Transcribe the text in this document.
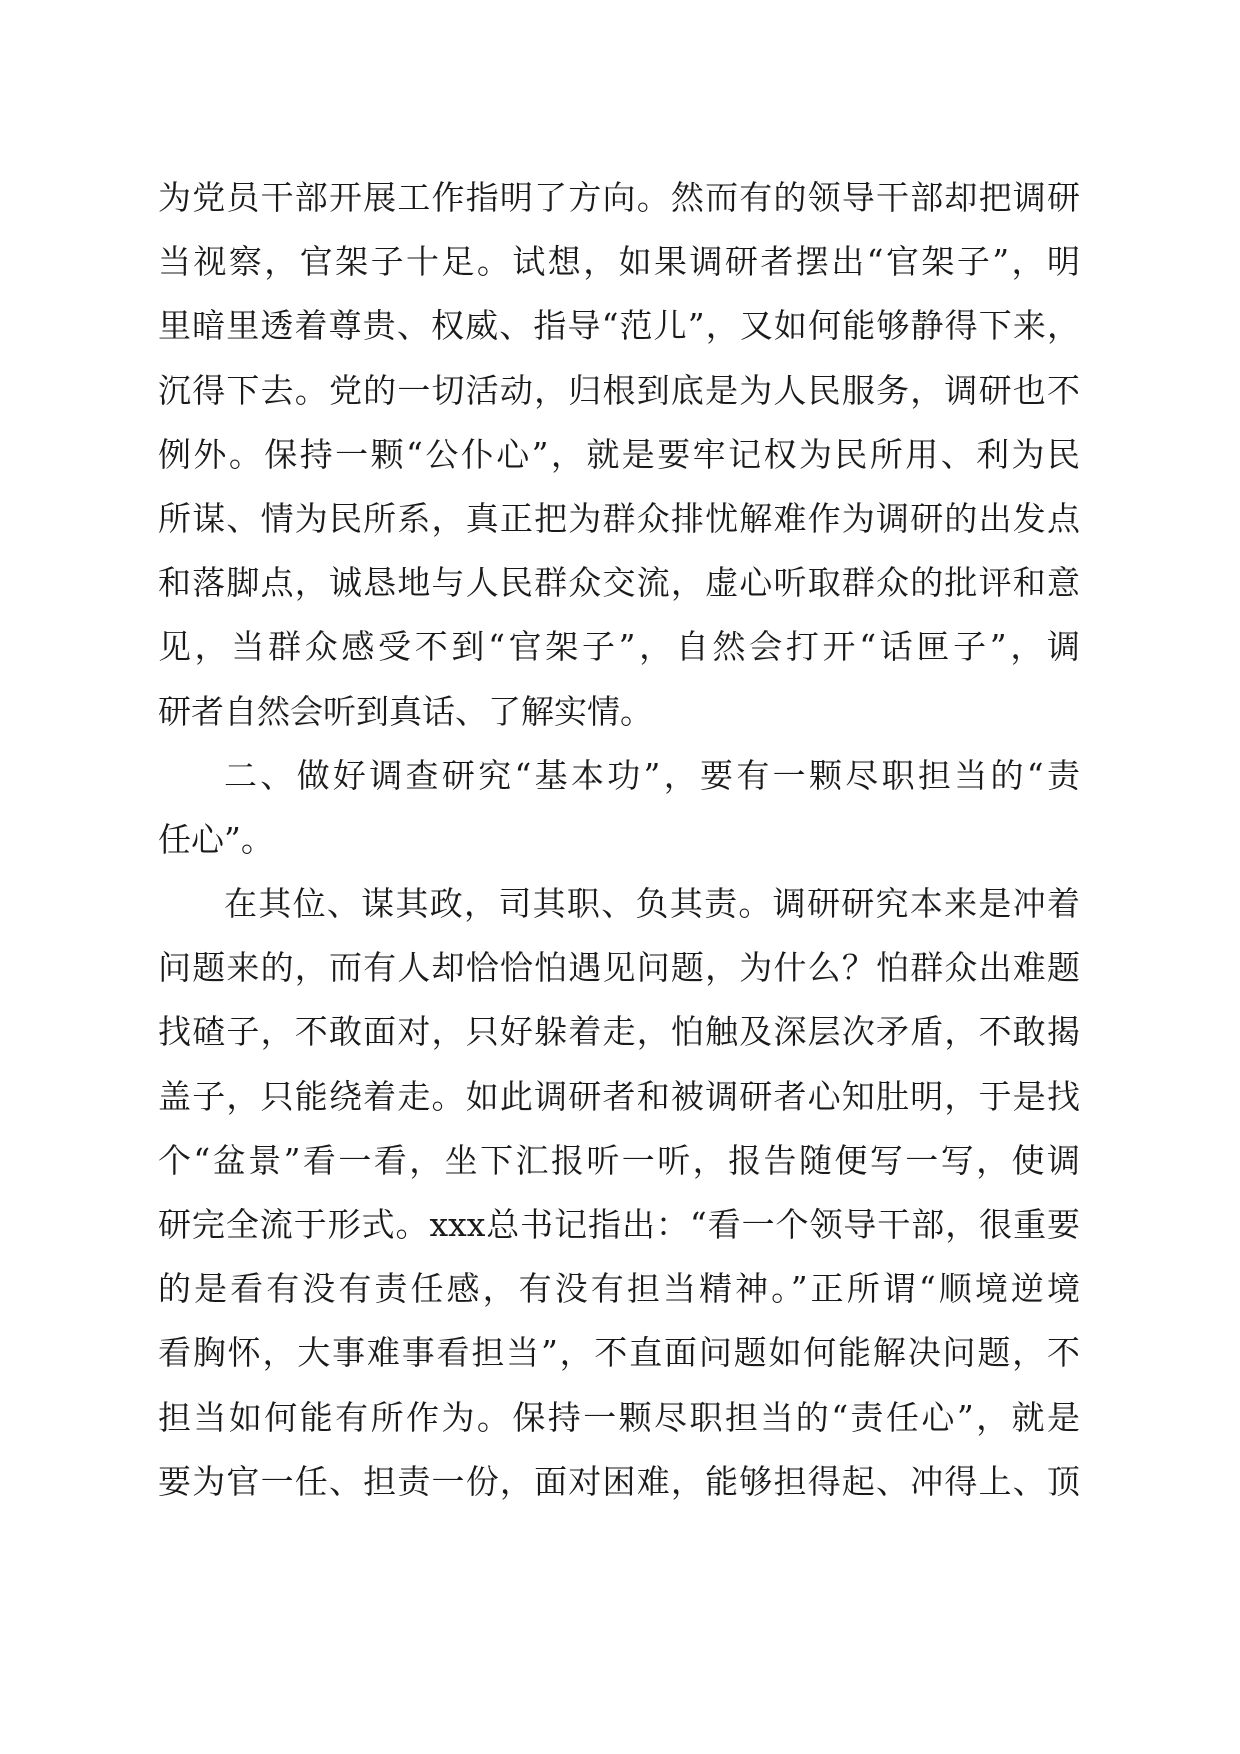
为党员干部开展工作指明了方向。然而有的领导干部却把调研
当视察，官架子十足。试想，如果调研者摆出“官架子”，明
里暗里透着尊贵、权威、指导“范儿”，又如何能够静得下来，
沉得下去。党的一切活动，归根到底是为人民服务，调研也不
例外。保持一颗“公仆心”，就是要牢记权为民所用、利为民
所谋、情为民所系，真正把为群众排忧解难作为调研的出发点
和落脚点，诚恳地与人民群众交流，虚心听取群众的批评和意
见，当群众感受不到“官架子”，自然会打开“话匣子”，调
研者自然会听到真话、了解实情。
二、做好调查研究“基本功”，要有一颗尽职担当的“责
任心”。
在其位、谋其政，司其职、负其责。调研研究本来是冲着
问题来的，而有人却恰恰怕遇见问题，为什么？怕群众出难题
找碴子，不敢面对，只好躲着走，怕触及深层次矛盾，不敢揭
盖子，只能绕着走。如此调研者和被调研者心知肚明，于是找
个“盆景”看一看，坐下汇报听一听，报告随便写一写，使调
研完全流于形式。xxx总书记指出：“看一个领导干部，很重要
的是看有没有责任感，有没有担当精神。”正所谓“顺境逆境
看胸怀，大事难事看担当”，不直面问题如何能解决问题，不
担当如何能有所作为。保持一颗尽职担当的“责任心”，就是
要为官一任、担责一份，面对困难，能够担得起、冲得上、顶
